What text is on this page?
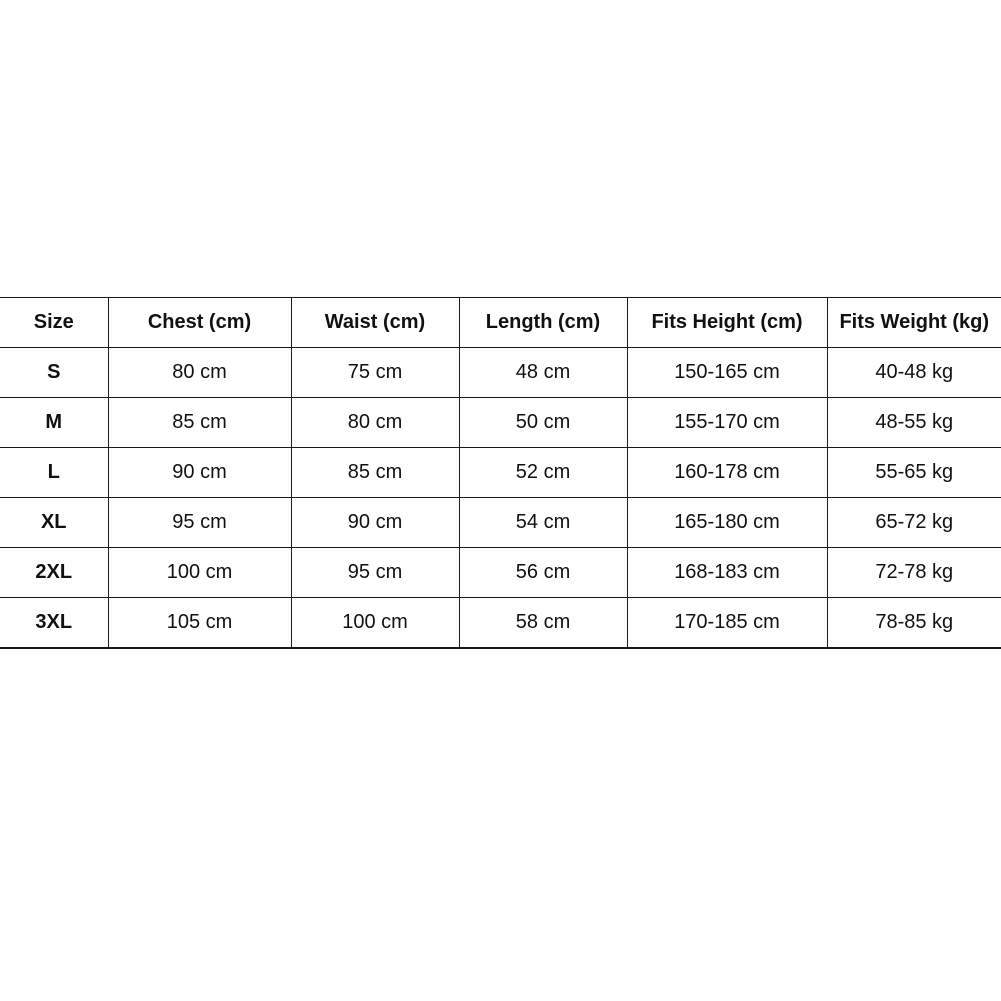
Size	Chest (cm)	Waist (cm)	Length (cm)	Fits Height (cm)	Fits Weight (kg)
S	80 cm	75 cm	48 cm	150-165 cm	40-48 kg
M	85 cm	80 cm	50 cm	155-170 cm	48-55 kg
L	90 cm	85 cm	52 cm	160-178 cm	55-65 kg
XL	95 cm	90 cm	54 cm	165-180 cm	65-72 kg
2XL	100 cm	95 cm	56 cm	168-183 cm	72-78 kg
3XL	105 cm	100 cm	58 cm	170-185 cm	78-85 kg
